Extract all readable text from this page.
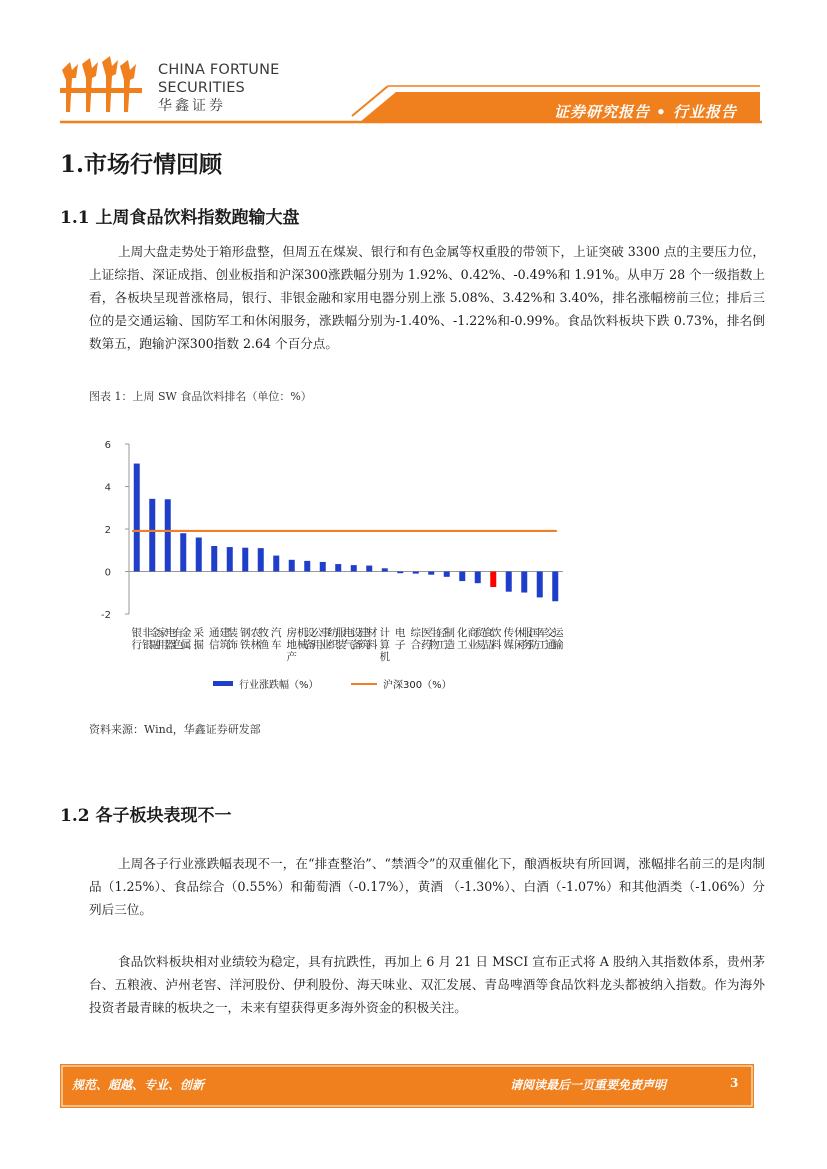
CHINA FORTUNE
SECURITIES
华鑫证券	证券研究报告 • 行业报告
1.市场行情回顾
1.1 上周食品饮料指数跑输大盘

上周大盘走势处于箱形盘整，但周五在煤炭、银行和有色金属等权重股的带领下，上证突破 3300 点的主要压力位，上证综指、深证成指、创业板指和沪深300涨跌幅分别为 1.92%、0.42%、-0.49%和 1.91%。从申万 28 个一级指数上看，各板块呈现普涨格局，银行、非银金融和家用电器分别上涨 5.08%、3.42%和 3.40%，排名涨幅榜前三位；排后三位的是交通运输、国防军工和休闲服务，涨跌幅分别为-1.40%、-1.22%和-0.99%。食品饮料板块下跌 0.73%，排名倒数第五，跑输沪深300指数 2.64 个百分点。

图表 1：上周 SW 食品饮料排名（单位：%）
-2
0
2
4
6
银
行
非
银
金
融
家
用
电
器
有
色
金
属
采
掘
通
信
建
筑
装
饰
钢
铁
农
林
牧
渔
汽
车
房
地
产
机
械
设
备
公
用
事
业
纺
织
服
装
电
气
设
备
建
筑
材
料
计
算
机
电
子
综
合
医
药
生
物
轻
工
制
造
化
工
商
业
贸
易
食
品
饮
料
传
媒
休
闲
服
务
国
防
军
工
交
通
运
输
行业涨跌幅（%）	沪深300（%）
资料来源：Wind，华鑫证券研发部
1.2 各子板块表现不一

上周各子行业涨跌幅表现不一，在“排查整治”、“禁酒令”的双重催化下，酿酒板块有所回调，涨幅排名前三的是肉制品（1.25%）、食品综合（0.55%）和葡萄酒（-0.17%），黄酒 （-1.30%）、白酒（-1.07%）和其他酒类（-1.06%）分列后三位。

食品饮料板块相对业绩较为稳定，具有抗跌性，再加上 6 月 21 日 MSCI 宣布正式将 A 股纳入其指数体系，贵州茅台、五粮液、泸州老窖、洋河股份、伊利股份、海天味业、双汇发展、青岛啤酒等食品饮料龙头都被纳入指数。作为海外投资者最青睐的板块之一，未来有望获得更多海外资金的积极关注。

规范、超越、专业、创新	请阅读最后一页重要免责声明	3
